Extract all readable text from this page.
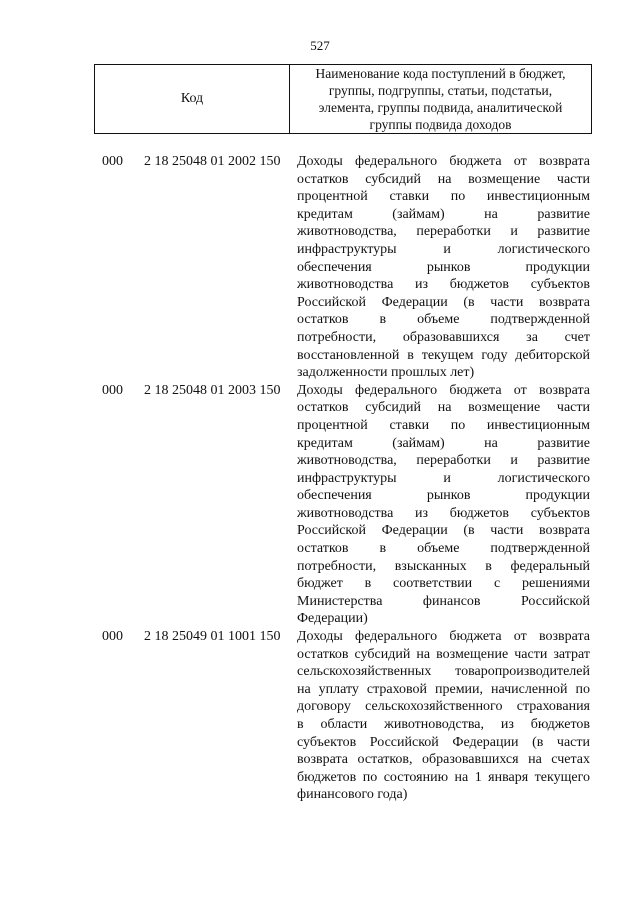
527
Код
Наименование кода поступлений в бюджет,
группы, подгруппы, статьи, подстатьи,
элемента, группы подвида, аналитической
группы подвида доходов
000 2 18 25048 01 2002 150 Доходы федерального бюджета от возврата
остатков субсидий на возмещение части
процентной ставки по инвестиционным
кредитам (займам) на развитие
животноводства, переработки и развитие
инфраструктуры и логистического
обеспечения рынков продукции
животноводства из бюджетов субъектов
Российской Федерации (в части возврата
остатков в объеме подтвержденной
потребности, образовавшихся за счет
восстановленной в текущем году дебиторской
задолженности прошлых лет)
000 2 18 25048 01 2003 150 Доходы федерального бюджета от возврата
остатков субсидий на возмещение части
процентной ставки по инвестиционным
кредитам (займам) на развитие
животноводства, переработки и развитие
инфраструктуры и логистического
обеспечения рынков продукции
животноводства из бюджетов субъектов
Российской Федерации (в части возврата
остатков в объеме подтвержденной
потребности, взысканных в федеральный
бюджет в соответствии с решениями
Министерства финансов Российской
Федерации)
000 2 18 25049 01 1001 150 Доходы федерального бюджета от возврата
остатков субсидий на возмещение части затрат
сельскохозяйственных товаропроизводителей
на уплату страховой премии, начисленной по
договору сельскохозяйственного страхования
в области животноводства, из бюджетов
субъектов Российской Федерации (в части
возврата остатков, образовавшихся на счетах
бюджетов по состоянию на 1 января текущего
финансового года)
